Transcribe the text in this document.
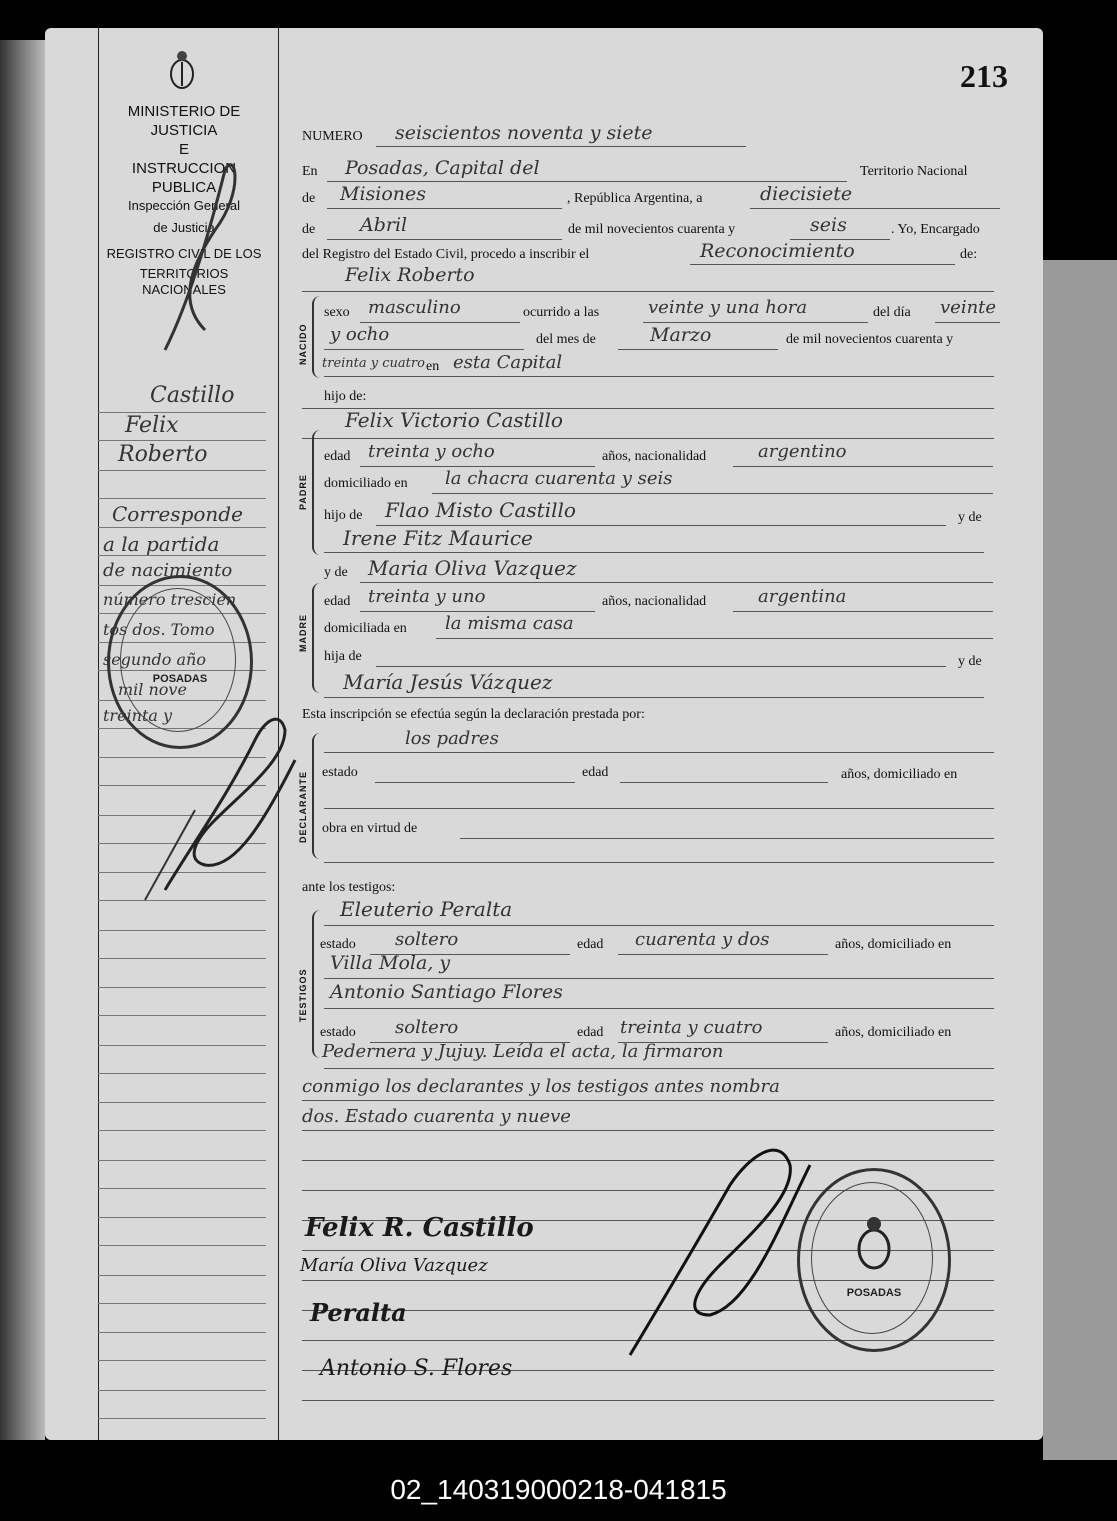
213
MINISTERIO DE JUSTICIA
E
INSTRUCCION PUBLICA
Inspección General
de Justicia
REGISTRO CIVIL DE LOS
TERRITORIOS NACIONALES
Castillo
Felix
Roberto
Corresponde
a la partida
de nacimiento
número trescien
tos dos. Tomo
segundo año
mil nove
treinta y
POSADAS
NUMERO seiscientos noventa y siete
En Posadas, Capital del	Territorio Nacional
de Misiones	, República Argentina, a	diecisiete
de Abril	de mil novecientos cuarenta y	seis	. Yo, Encargado
del Registro del Estado Civil, procedo a inscribir el	Reconocimiento	de:
Felix Roberto
NACIDO
sexo masculino	ocurrido a las	veinte y una hora	del día veinte
y ocho	del mes de	Marzo	de mil novecientos cuarenta y
treinta y cuatro en esta Capital
hijo de:
Felix Victorio Castillo
PADRE
edad treinta y ocho	años, nacionalidad	argentino
domiciliado en la chacra cuarenta y seis
hijo de Flao Misto Castillo	y de
Irene Fitz Maurice
y de Maria Oliva Vazquez
MADRE
edad treinta y uno	años, nacionalidad	argentina
domiciliada en la misma casa
hija de	y de
María Jesús Vázquez
Esta inscripción se efectúa según la declaración prestada por:
DECLARANTE
los padres
estado	edad	años, domiciliado en
obra en virtud de
ante los testigos:
TESTIGOS
Eleuterio Peralta
estado soltero	edad cuarenta y dos	años, domiciliado en
Villa Mola, y
Antonio Santiago Flores
estado soltero	edad treinta y cuatro	años, domiciliado en
Pedernera y Jujuy. Leída el acta, la firmaron
conmigo los declarantes y los testigos antes nombra
dos. Estado cuarenta y nueve
Felix R. Castillo
María Oliva Vazquez
Peralta
Antonio S. Flores
POSADAS
02_140319000218-041815
